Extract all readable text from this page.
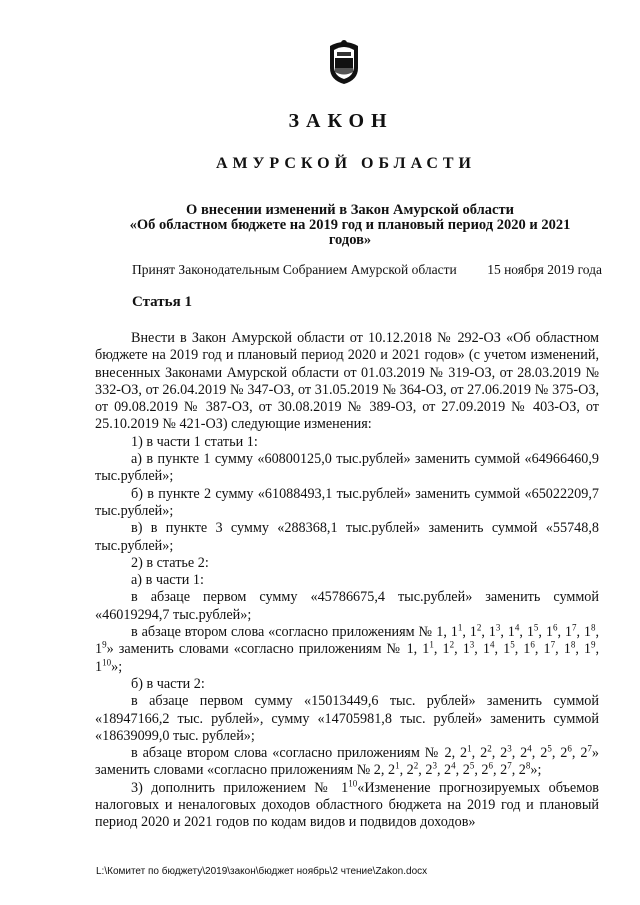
ЗАКОН
АМУРСКОЙ ОБЛАСТИ
О внесении изменений в Закон Амурской области
«Об областном бюджете на 2019 год и плановый период 2020 и 2021
годов»
Принят Законодательным Собранием Амурской области 15 ноября 2019 года
Статья 1

Внести в Закон Амурской области от 10.12.2018 № 292-ОЗ «Об областном бюджете на 2019 год и плановый период 2020 и 2021 годов» (с учетом изменений, внесенных Законами Амурской области от 01.03.2019 № 319-ОЗ, от 28.03.2019 № 332-ОЗ, от 26.04.2019 № 347-ОЗ, от 31.05.2019 № 364-ОЗ, от 27.06.2019 № 375-ОЗ, от 09.08.2019 № 387-ОЗ, от 30.08.2019 № 389-ОЗ, от 27.09.2019 № 403-ОЗ, от 25.10.2019 № 421-ОЗ) следующие изменения:

1) в части 1 статьи 1:

а) в пункте 1 сумму «60800125,0 тыс.рублей» заменить суммой «64966460,9 тыс.рублей»;

б) в пункте 2 сумму «61088493,1 тыс.рублей» заменить суммой «65022209,7 тыс.рублей»;

в) в пункте 3 сумму «288368,1 тыс.рублей» заменить суммой «55748,8 тыс.рублей»;

2) в статье 2:

а) в части 1:

в абзаце первом сумму «45786675,4 тыс.рублей» заменить суммой «46019294,7 тыс.рублей»;

в абзаце втором слова «согласно приложениям № 1, $1^1$, $1^2$, $1^3$, $1^4$, $1^5$, $1^6$, $1^7$, $1^8$, $1^9$» заменить словами «согласно приложениям № 1, $1^1$, $1^2$, $1^3$, $1^4$, $1^5$, $1^6$, $1^7$, $1^8$, $1^9$, $1^{10}$»;

б) в части 2:

в абзаце первом сумму «15013449,6 тыс. рублей» заменить суммой «18947166,2 тыс. рублей», сумму «14705981,8 тыс. рублей» заменить суммой «18639099,0 тыс. рублей»;

в абзаце втором слова «согласно приложениям № 2, $2^1$, $2^2$, $2^3$, $2^4$, $2^5$, $2^6$, $2^7$» заменить словами «согласно приложениям № 2, $2^1$, $2^2$, $2^3$, $2^4$, $2^5$, $2^6$, $2^7$, $2^8$»;

3) дополнить приложением № $1^{10}«Изменение$ прогнозируемых объемов налоговых и неналоговых доходов областного бюджета на 2019 год и плановый период 2020 и 2021 годов по кодам видов и подвидов доходов»

L:\Комитет по бюджету\2019\закон\бюджет ноябрь\2 чтение\Zakon.docx
